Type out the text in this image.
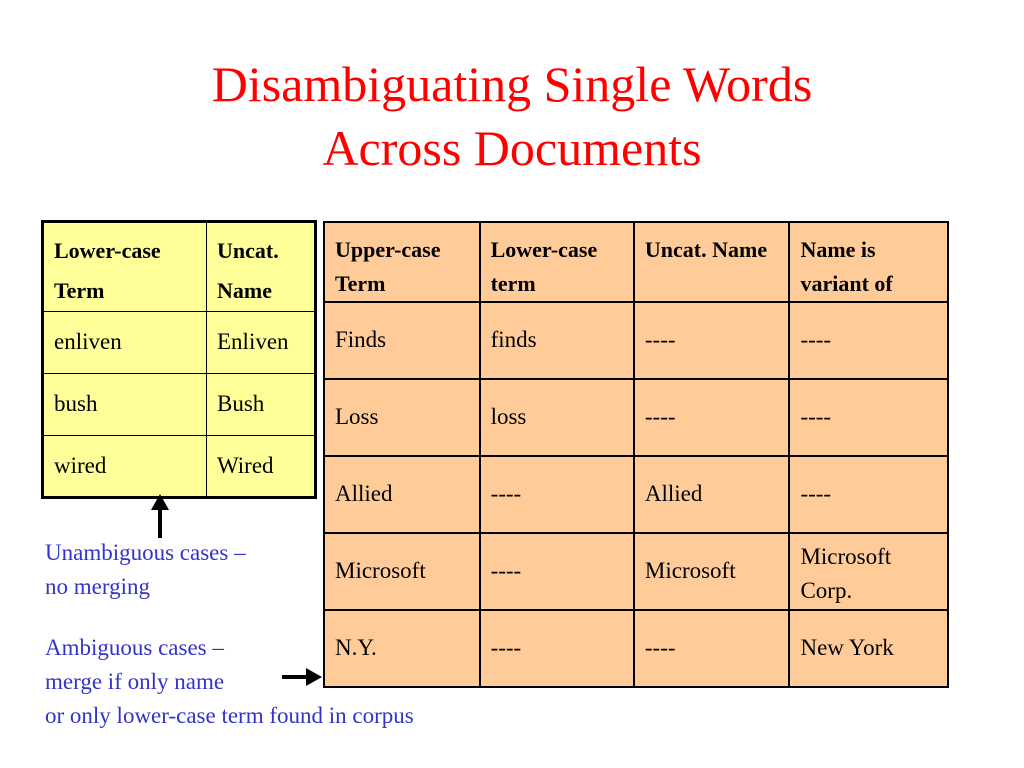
Disambiguating Single Words
Across Documents
Lower-case Term	Uncat. Name
enliven	Enliven
bush	Bush
wired	Wired
Upper-case Term	Lower-case term	Uncat. Name	Name is variant of
Finds	finds	----	----
Loss	loss	----	----
Allied	----	Allied	----
Microsoft	----	Microsoft	Microsoft Corp.
N.Y.	----	----	New York
Unambiguous cases –
no merging
Ambiguous cases –
merge if only name
or only lower-case term found in corpus
